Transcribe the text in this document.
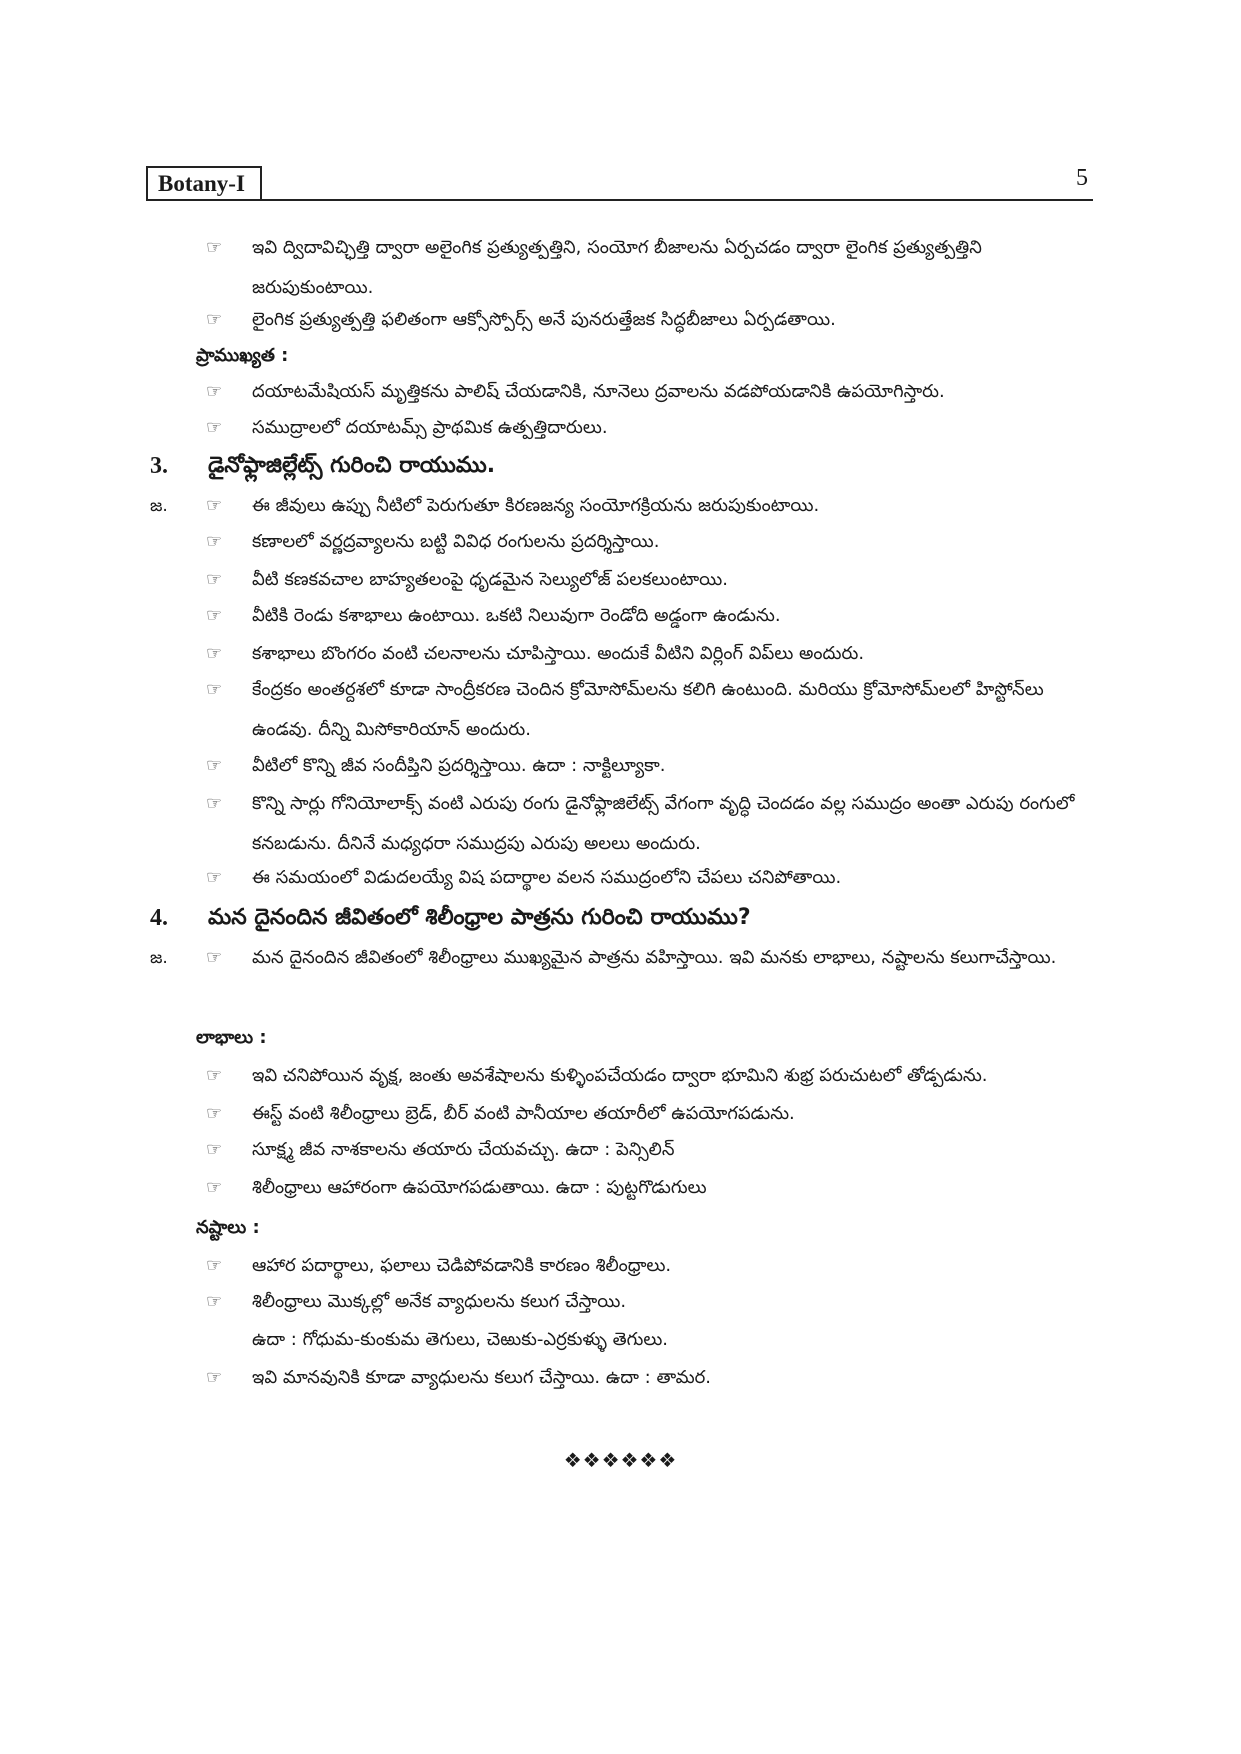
Botany-I	5
☞	ఇవి ద్విదావిచ్ఛిత్తి ద్వారా అలైంగిక ప్రత్యుత్పత్తిని, సంయోగ బీజాలను ఏర్పచడం ద్వారా లైంగిక ప్రత్యుత్పత్తిని జరుపుకుంటాయి.
☞	లైంగిక ప్రత్యుత్పత్తి ఫలితంగా ఆక్సోస్పోర్స్ అనే పునరుత్తేజక సిద్ధబీజాలు ఏర్పడతాయి.
ప్రాముఖ్యత :
☞	దయాటమేషియస్ మృత్తికను పాలిష్ చేయడానికి, నూనెలు ద్రవాలను వడపోయడానికి ఉపయోగిస్తారు.
☞	సముద్రాలలో దయాటమ్స్ ప్రాథమిక ఉత్పత్తిదారులు.
3. డైనోఫ్లాజిల్లేట్స్ గురించి రాయుము.
జ. ☞	ఈ జీవులు ఉప్పు నీటిలో పెరుగుతూ కిరణజన్య సంయోగక్రియను జరుపుకుంటాయి.
☞	కణాలలో వర్ణద్రవ్యాలను బట్టి వివిధ రంగులను ప్రదర్శిస్తాయి.
☞	వీటి కణకవచాల బాహ్యతలంపై ధృడమైన సెల్యులోజ్ పలకలుంటాయి.
☞	వీటికి రెండు కశాభాలు ఉంటాయి. ఒకటి నిలువుగా రెండోది అడ్డంగా ఉండును.
☞	కశాభాలు బొంగరం వంటి చలనాలను చూపిస్తాయి. అందుకే వీటిని విర్లింగ్ విప్‌లు అందురు.
☞	కేంద్రకం అంతర్దశలో కూడా సాంద్రీకరణ చెందిన క్రోమోసోమ్‌లను కలిగి ఉంటుంది. మరియు క్రోమోసోమ్‌లలో హిస్టోన్‌లు ఉండవు. దీన్ని మిసోకారియాన్ అందురు.
☞	వీటిలో కొన్ని జీవ సందీప్తిని ప్రదర్శిస్తాయి. ఉదా : నాక్టిల్యూకా.
☞	కొన్ని సార్లు గోనియోలాక్స్ వంటి ఎరుపు రంగు డైనోఫ్లాజిలేట్స్ వేగంగా వృద్ధి చెందడం వల్ల సముద్రం అంతా ఎరుపు రంగులో కనబడును. దీనినే మధ్యధరా సముద్రపు ఎరుపు అలలు అందురు.
☞	ఈ సమయంలో విడుదలయ్యే విష పదార్థాల వలన సముద్రంలోని చేపలు చనిపోతాయి.
4. మన దైనందిన జీవితంలో శిలీంధ్రాల పాత్రను గురించి రాయుము?
జ. ☞	మన దైనందిన జీవితంలో శిలీంధ్రాలు ముఖ్యమైన పాత్రను వహిస్తాయి. ఇవి మనకు లాభాలు, నష్టాలను కలుగాచేస్తాయి.
లాభాలు :
☞	ఇవి చనిపోయిన వృక్ష, జంతు అవశేషాలను కుళ్ళింపచేయడం ద్వారా భూమిని శుభ్ర పరుచుటలో తోడ్పడును.
☞	ఈస్ట్ వంటి శిలీంధ్రాలు బ్రెడ్, బీర్ వంటి పానీయాల తయారీలో ఉపయోగపడును.
☞	సూక్ష్మ జీవ నాశకాలను తయారు చేయవచ్చు. ఉదా : పెన్సిలిన్
☞	శిలీంధ్రాలు ఆహారంగా ఉపయోగపడుతాయి. ఉదా : పుట్టగొడుగులు
నష్టాలు :
☞	ఆహార పదార్థాలు, ఫలాలు చెడిపోవడానికి కారణం శిలీంధ్రాలు.
☞	శిలీంధ్రాలు మొక్కల్లో అనేక వ్యాధులను కలుగ చేస్తాయి.
ఉదా : గోధుమ-కుంకుమ తెగులు, చెఱుకు-ఎర్రకుళ్ళు తెగులు.
☞	ఇవి మానవునికి కూడా వ్యాధులను కలుగ చేస్తాయి. ఉదా : తామర.
❖❖❖❖❖❖
